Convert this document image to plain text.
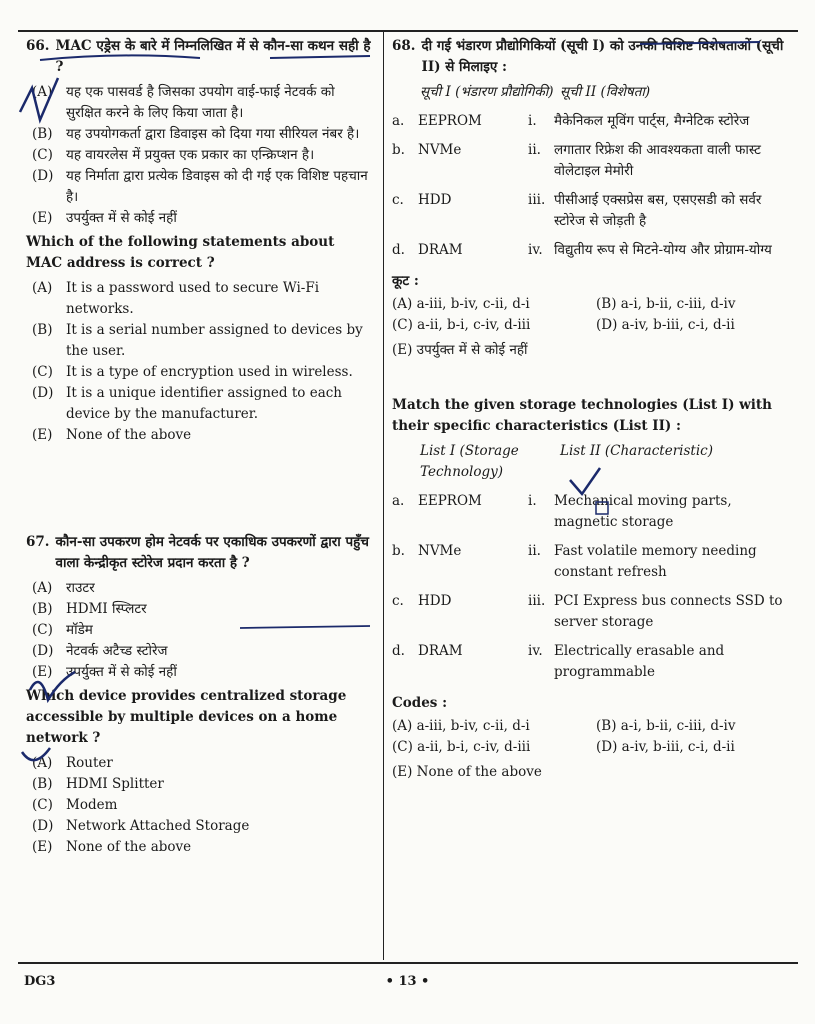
66. MAC एड्रेस के बारे में निम्नलिखित में से कौन-सा कथन सही है ?
(A)	यह एक पासवर्ड है जिसका उपयोग वाई-फाई नेटवर्क को सुरक्षित करने के लिए किया जाता है।
(B)	यह उपयोगकर्ता द्वारा डिवाइस को दिया गया सीरियल नंबर है।
(C) यह वायरलेस में प्रयुक्त एक प्रकार का एन्क्रिप्शन है।
(D) यह निर्माता द्वारा प्रत्येक डिवाइस को दी गई एक विशिष्ट पहचान है।
(E)	उपर्युक्त में से कोई नहीं
Which of the following statements about MAC address is correct ?
(A)	It is a password used to secure Wi-Fi networks.
(B)	It is a serial number assigned to devices by the user.
(C) It is a type of encryption used in wireless.
(D) It is a unique identifier assigned to each device by the manufacturer.
(E)	None of the above
67. कौन-सा उपकरण होम नेटवर्क पर एकाधिक उपकरणों द्वारा पहुँच वाला केन्द्रीकृत स्टोरेज प्रदान करता है ?
(A)	राउटर
(B)	HDMI स्प्लिटर
(C) मॉडेम
(D) नेटवर्क अटैच्ड स्टोरेज
(E)	उपर्युक्त में से कोई नहीं
Which device provides centralized storage accessible by multiple devices on a home network ?
(A)	Router
(B)	HDMI Splitter
(C) Modem
(D) Network Attached Storage
(E)	None of the above
68. दी गई भंडारण प्रौद्योगिकियों (सूची I) को उनकी विशिष्ट विशेषताओं (सूची II) से मिलाइए :
सूची I (भंडारण प्रौद्योगिकी) सूची II (विशेषता)
a.	EEPROM	i.	मैकेनिकल मूविंग पार्ट्स, मैग्नेटिक स्टोरेज
b. NVMe	ii. लगातार रिफ्रेश की आवश्यकता वाली फास्ट वोलेटाइल मेमोरी
c.	HDD	iii. पीसीआई एक्सप्रेस बस, एसएसडी को सर्वर स्टोरेज से जोड़ती है
d. DRAM	iv. विद्युतीय रूप से मिटने-योग्य और प्रोग्राम-योग्य
कूट :
(A) a-iii, b-iv, c-ii, d-i	(B) a-i, b-ii, c-iii, d-iv
(C) a-ii, b-i, c-iv, d-iii	(D) a-iv, b-iii, c-i, d-ii
(E) उपर्युक्त में से कोई नहीं
Match the given storage technologies (List I) with their specific characteristics (List II) :
List I (Storage Technology)
List II (Characteristic)
a.	EEPROM	i.	Mechanical moving parts, magnetic storage
b. NVMe	ii. Fast volatile memory needing constant refresh
c.	HDD	iii. PCI Express bus connects SSD to server storage
d. DRAM	iv. Electrically erasable and programmable
Codes :
(A) a-iii, b-iv, c-ii, d-i	(B) a-i, b-ii, c-iii, d-iv
(C) a-ii, b-i, c-iv, d-iii	(D) a-iv, b-iii, c-i, d-ii
(E) None of the above
DG3	• 13 •
